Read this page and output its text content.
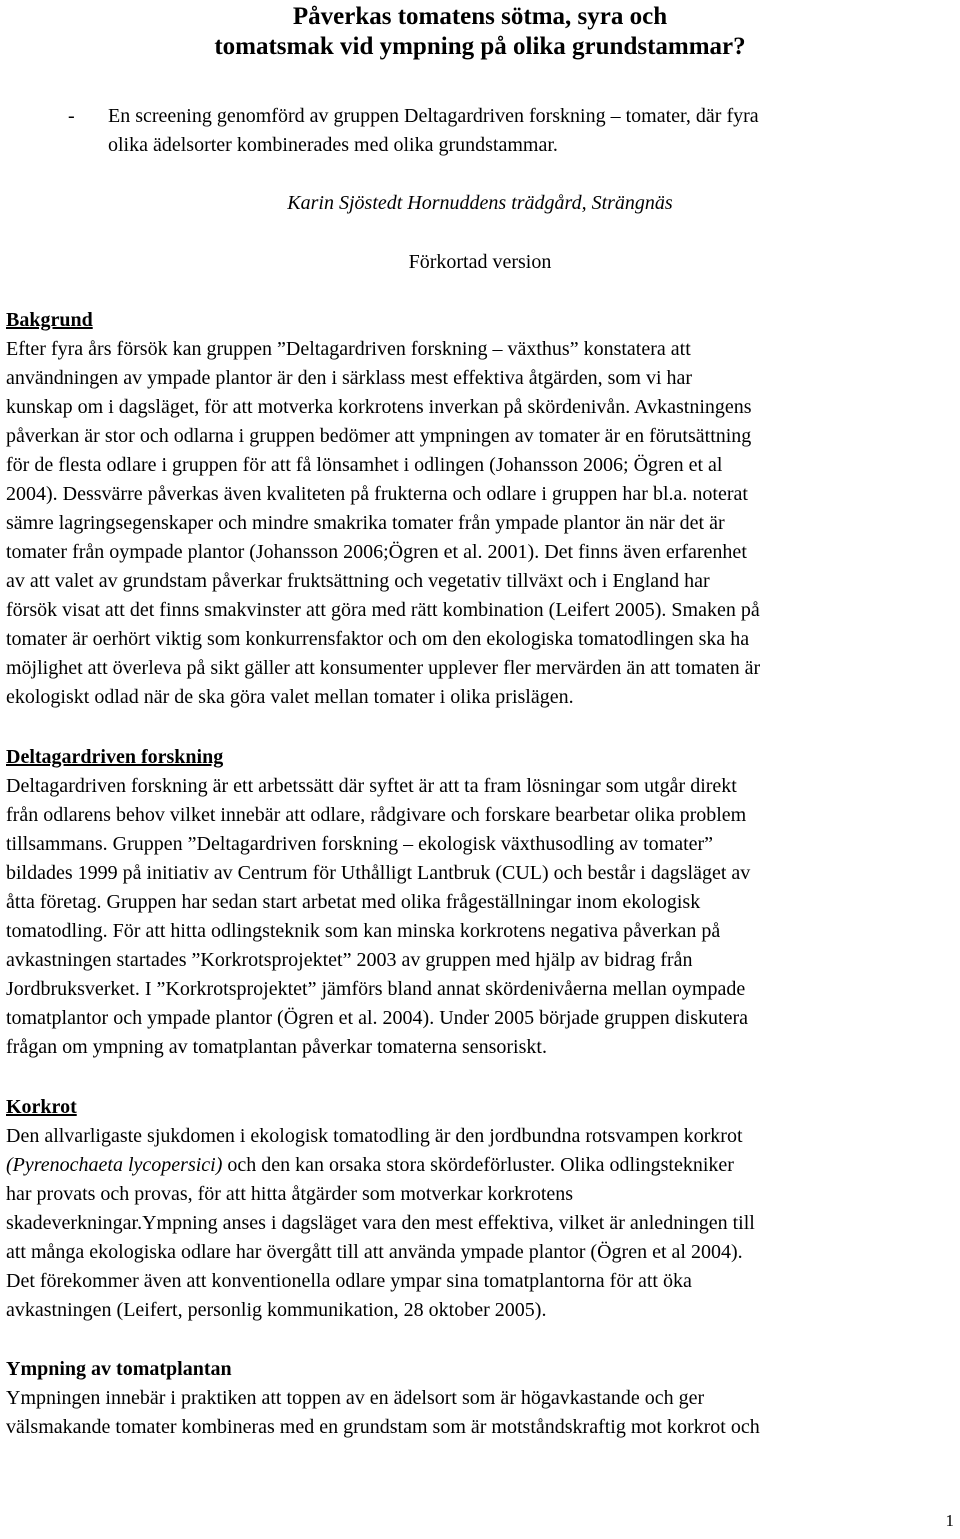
Påverkas tomatens sötma, syra och
tomatsmak vid ympning på olika grundstammar?
- En screening genomförd av gruppen Deltagardriven forskning – tomater, där fyra
olika ädelsorter kombinerades med olika grundstammar.

Karin Sjöstedt Hornuddens trädgård, Strängnäs

Förkortad version

Bakgrund

Efter fyra års försök kan gruppen ”Deltagardriven forskning – växthus” konstatera att
användningen av ympade plantor är den i särklass mest effektiva åtgärden, som vi har
kunskap om i dagsläget, för att motverka korkrotens inverkan på skördenivån. Avkastningens
påverkan är stor och odlarna i gruppen bedömer att ympningen av tomater är en förutsättning
för de flesta odlare i gruppen för att få lönsamhet i odlingen (Johansson 2006; Ögren et al
2004). Dessvärre påverkas även kvaliteten på frukterna och odlare i gruppen har bl.a. noterat
sämre lagringsegenskaper och mindre smakrika tomater från ympade plantor än när det är
tomater från oympade plantor (Johansson 2006;Ögren et al. 2001). Det finns även erfarenhet
av att valet av grundstam påverkar fruktsättning och vegetativ tillväxt och i England har
försök visat att det finns smakvinster att göra med rätt kombination (Leifert 2005). Smaken på
tomater är oerhört viktig som konkurrensfaktor och om den ekologiska tomatodlingen ska ha
möjlighet att överleva på sikt gäller att konsumenter upplever fler mervärden än att tomaten är
ekologiskt odlad när de ska göra valet mellan tomater i olika prislägen.

Deltagardriven forskning

Deltagardriven forskning är ett arbetssätt där syftet är att ta fram lösningar som utgår direkt
från odlarens behov vilket innebär att odlare, rådgivare och forskare bearbetar olika problem
tillsammans. Gruppen ”Deltagardriven forskning – ekologisk växthusodling av tomater”
bildades 1999 på initiativ av Centrum för Uthålligt Lantbruk (CUL) och består i dagsläget av
åtta företag. Gruppen har sedan start arbetat med olika frågeställningar inom ekologisk
tomatodling. För att hitta odlingsteknik som kan minska korkrotens negativa påverkan på
avkastningen startades ”Korkrotsprojektet” 2003 av gruppen med hjälp av bidrag från
Jordbruksverket. I ”Korkrotsprojektet” jämförs bland annat skördenivåerna mellan oympade
tomatplantor och ympade plantor (Ögren et al. 2004). Under 2005 började gruppen diskutera
frågan om ympning av tomatplantan påverkar tomaterna sensoriskt.

Korkrot

Den allvarligaste sjukdomen i ekologisk tomatodling är den jordbundna rotsvampen korkrot
(Pyrenochaeta lycopersici) och den kan orsaka stora skördeförluster. Olika odlingstekniker
har provats och provas, för att hitta åtgärder som motverkar korkrotens
skadeverkningar.Ympning anses i dagsläget vara den mest effektiva, vilket är anledningen till
att många ekologiska odlare har övergått till att använda ympade plantor (Ögren et al 2004).
Det förekommer även att konventionella odlare ympar sina tomatplantorna för att öka
avkastningen (Leifert, personlig kommunikation, 28 oktober 2005).

Ympning av tomatplantan

Ympningen innebär i praktiken att toppen av en ädelsort som är högavkastande och ger
välsmakande tomater kombineras med en grundstam som är motståndskraftig mot korkrot och

1
